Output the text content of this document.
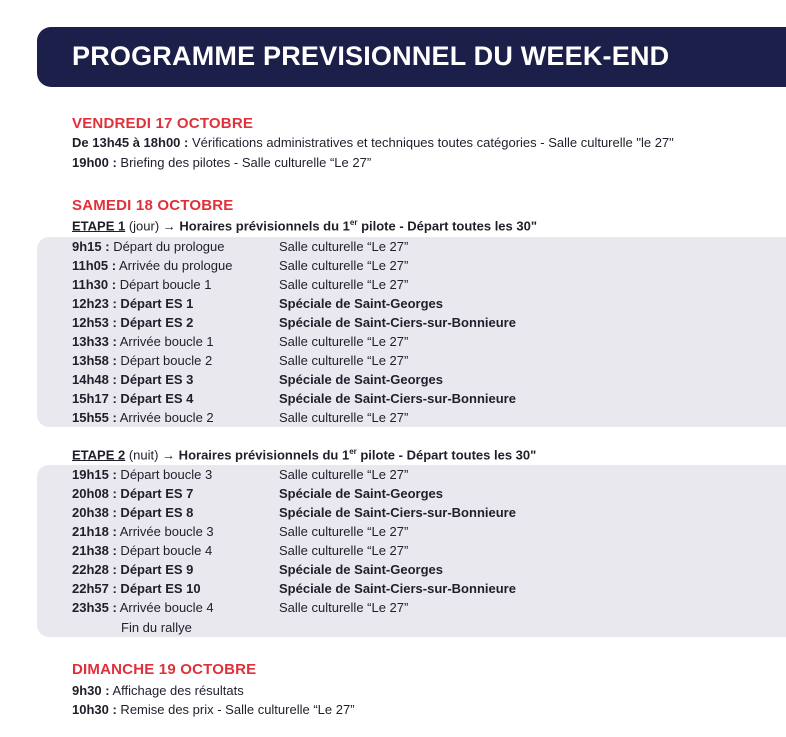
PROGRAMME PREVISIONNEL DU WEEK-END
VENDREDI 17 OCTOBRE
De 13h45 à 18h00 : Vérifications administratives et techniques toutes catégories - Salle culturelle "le 27"
19h00 : Briefing des pilotes - Salle culturelle “Le 27”
SAMEDI 18 OCTOBRE
ETAPE 1 (jour) → Horaires prévisionnels du 1er pilote - Départ toutes les 30"
9h15 : Départ du prologue	Salle culturelle “Le 27”
11h05 : Arrivée du prologue	Salle culturelle “Le 27”
11h30 : Départ boucle 1	Salle culturelle “Le 27”
12h23 : Départ ES 1	Spéciale de Saint-Georges
12h53 : Départ ES 2	Spéciale de Saint-Ciers-sur-Bonnieure
13h33 : Arrivée boucle 1	Salle culturelle “Le 27”
13h58 : Départ boucle 2	Salle culturelle “Le 27”
14h48 : Départ ES 3	Spéciale de Saint-Georges
15h17 : Départ ES 4	Spéciale de Saint-Ciers-sur-Bonnieure
15h55 : Arrivée boucle 2	Salle culturelle “Le 27”
ETAPE 2 (nuit) → Horaires prévisionnels du 1er pilote - Départ toutes les 30"
19h15 : Départ boucle 3	Salle culturelle “Le 27”
20h08 : Départ ES 7	Spéciale de Saint-Georges
20h38 : Départ ES 8	Spéciale de Saint-Ciers-sur-Bonnieure
21h18 : Arrivée boucle 3	Salle culturelle “Le 27”
21h38 : Départ boucle 4	Salle culturelle “Le 27”
22h28 : Départ ES 9	Spéciale de Saint-Georges
22h57 : Départ ES 10	Spéciale de Saint-Ciers-sur-Bonnieure
23h35 : Arrivée boucle 4	Salle culturelle “Le 27”
Fin du rallye
DIMANCHE 19 OCTOBRE
9h30 : Affichage des résultats
10h30 : Remise des prix - Salle culturelle “Le 27”
